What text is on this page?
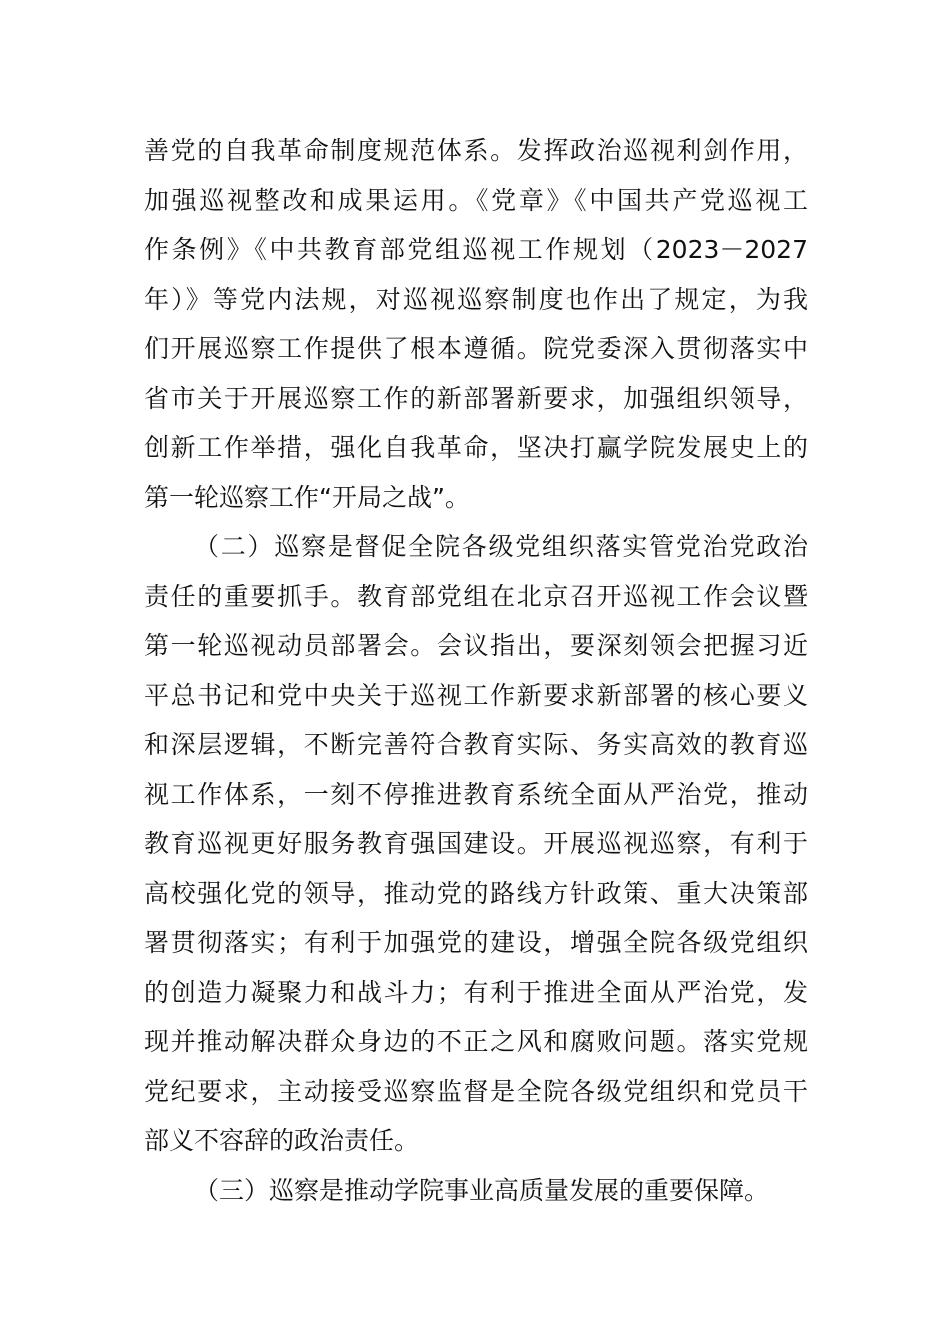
善党的自我革命制度规范体系。发挥政治巡视利剑作用，
加强巡视整改和成果运用。《党章》《中国共产党巡视工
作条例》《中共教育部党组巡视工作规划（2023－2027
年）》等党内法规，对巡视巡察制度也作出了规定，为我
们开展巡察工作提供了根本遵循。院党委深入贯彻落实中
省市关于开展巡察工作的新部署新要求，加强组织领导，
创新工作举措，强化自我革命，坚决打赢学院发展史上的
第一轮巡察工作“开局之战”。
（二）巡察是督促全院各级党组织落实管党治党政治
责任的重要抓手。教育部党组在北京召开巡视工作会议暨
第一轮巡视动员部署会。会议指出，要深刻领会把握习近
平总书记和党中央关于巡视工作新要求新部署的核心要义
和深层逻辑，不断完善符合教育实际、务实高效的教育巡
视工作体系，一刻不停推进教育系统全面从严治党，推动
教育巡视更好服务教育强国建设。开展巡视巡察，有利于
高校强化党的领导，推动党的路线方针政策、重大决策部
署贯彻落实；有利于加强党的建设，增强全院各级党组织
的创造力凝聚力和战斗力；有利于推进全面从严治党，发
现并推动解决群众身边的不正之风和腐败问题。落实党规
党纪要求，主动接受巡察监督是全院各级党组织和党员干
部义不容辞的政治责任。
（三）巡察是推动学院事业高质量发展的重要保障。
